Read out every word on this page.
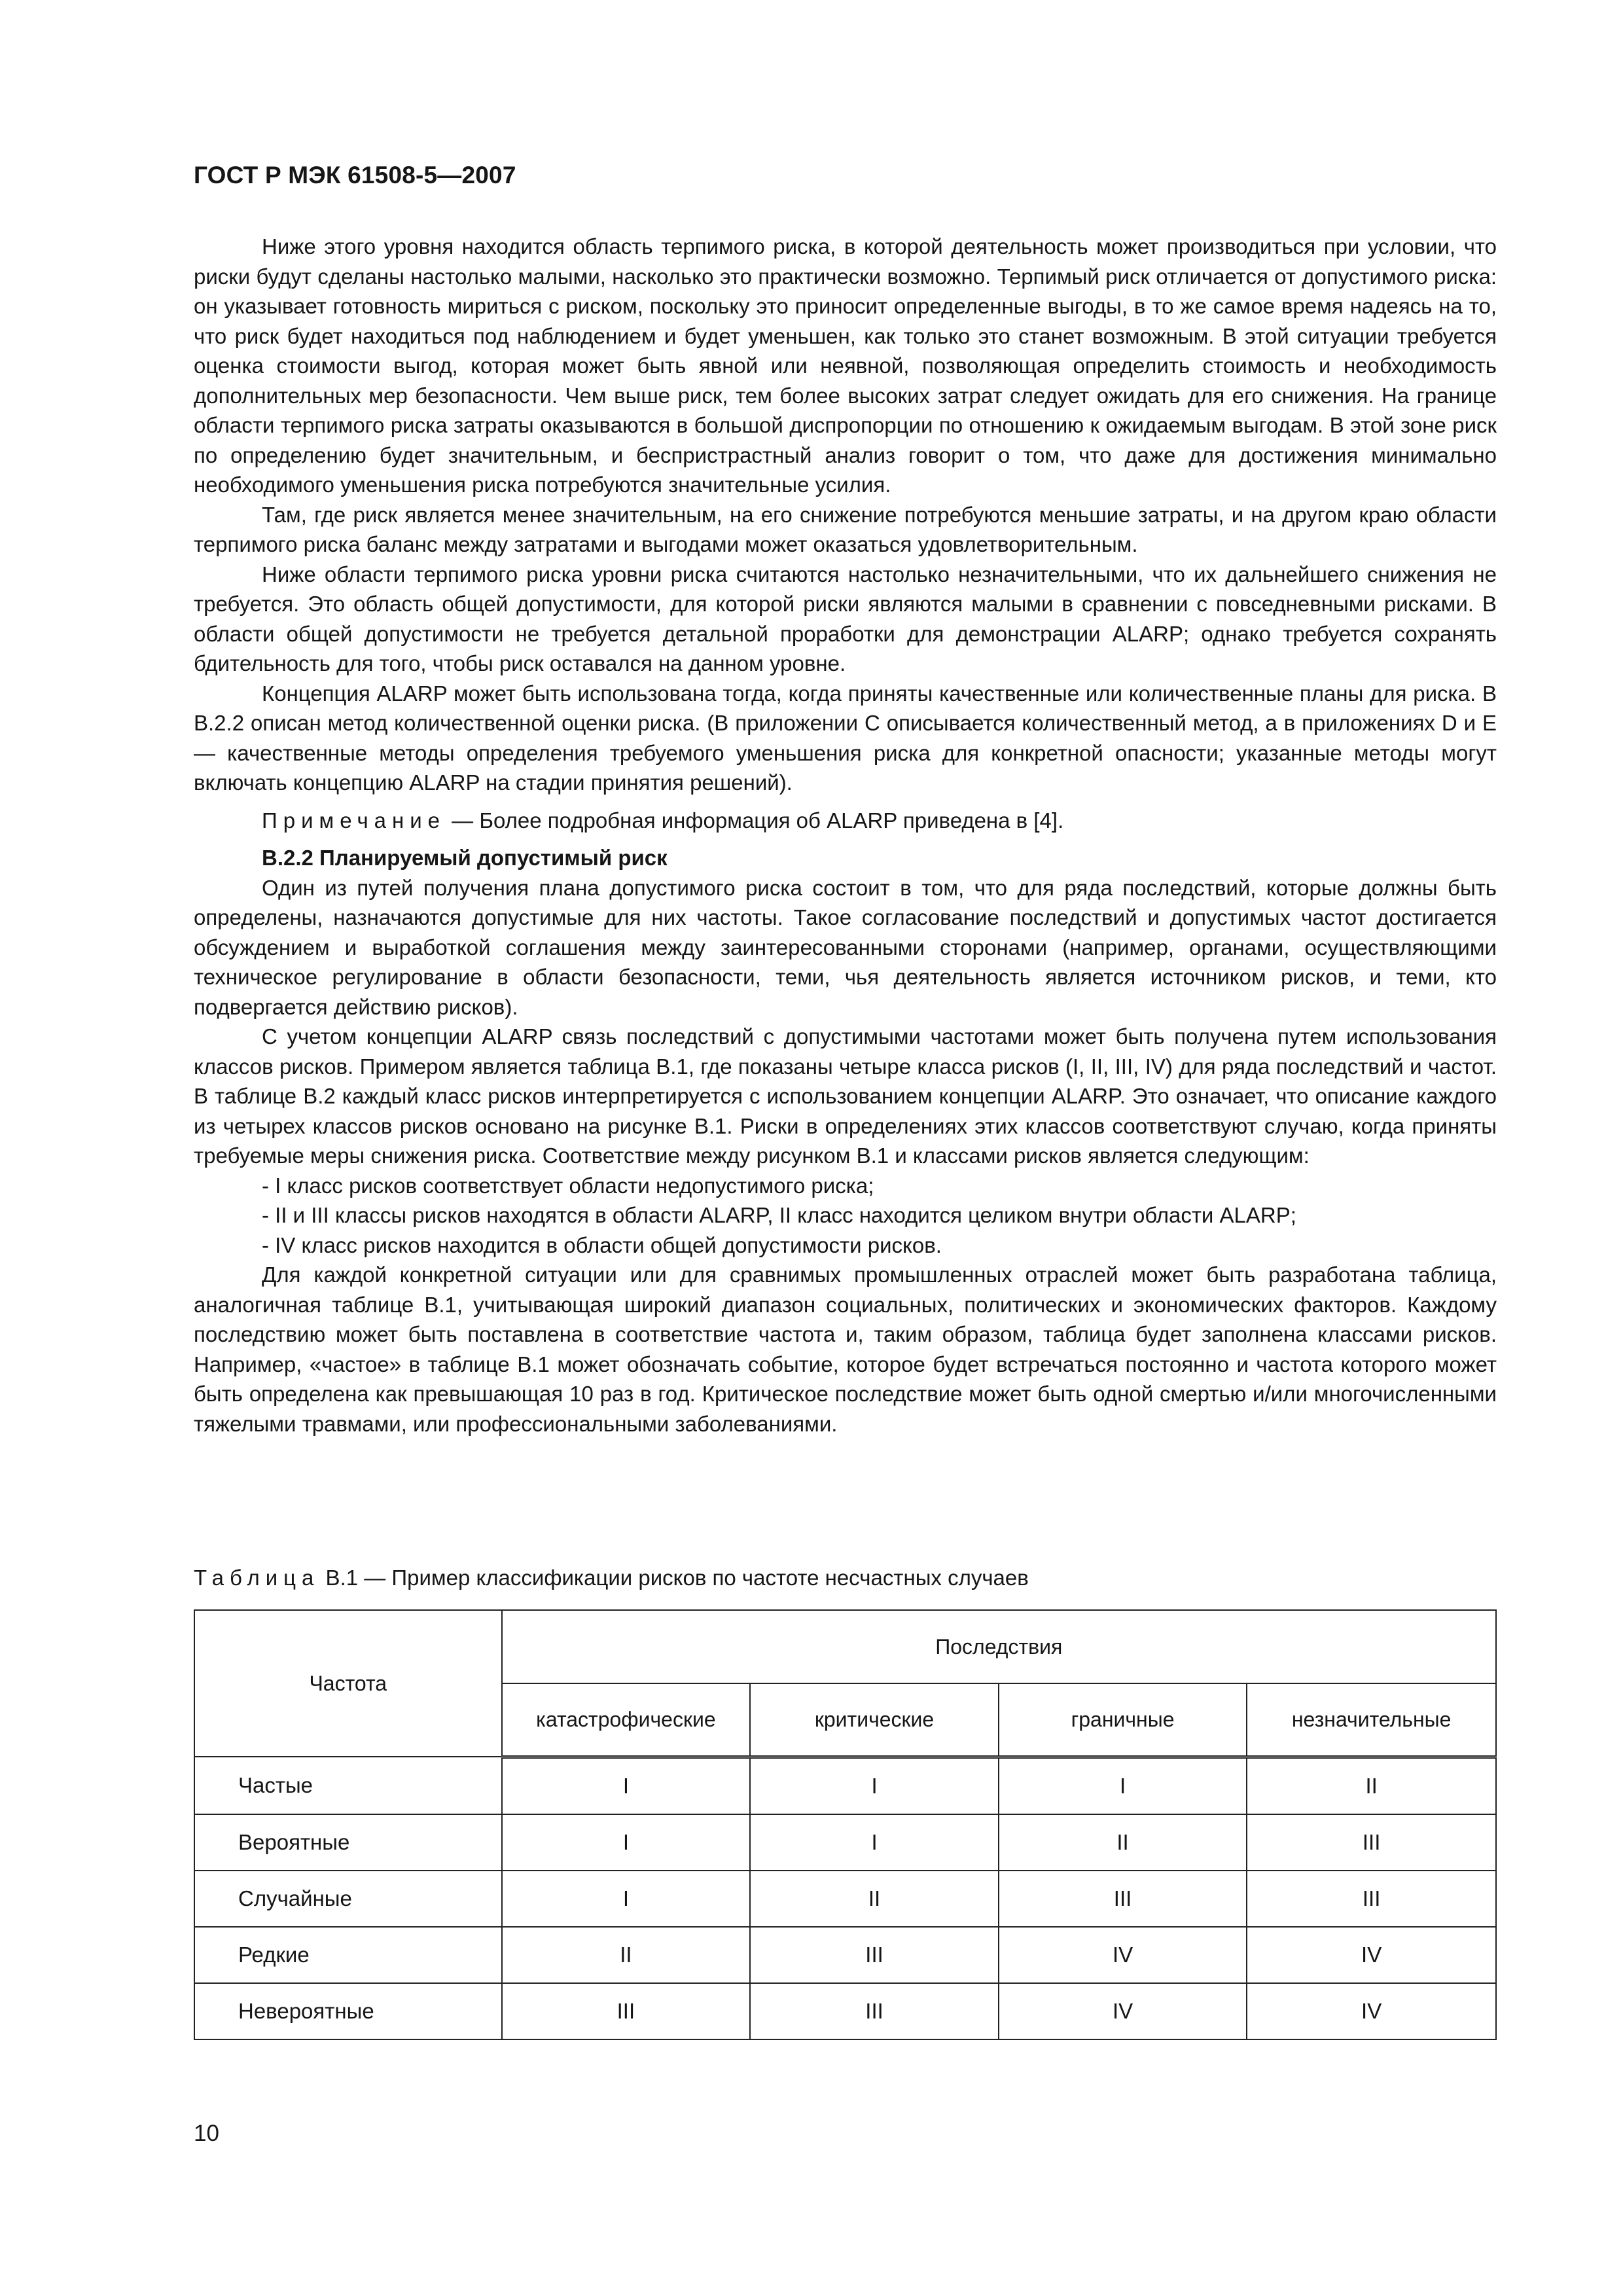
ГОСТ Р МЭК 61508-5—2007

Ниже этого уровня находится область терпимого риска, в которой деятельность может производиться при условии, что риски будут сделаны настолько малыми, насколько это практически возможно. Терпимый риск отличается от допустимого риска: он указывает готовность мириться с риском, поскольку это приносит определенные выгоды, в то же самое время надеясь на то, что риск будет находиться под наблюдением и будет уменьшен, как только это станет возможным. В этой ситуации требуется оценка стоимости выгод, которая может быть явной или неявной, позволяющая определить стоимость и необходимость дополнительных мер безопасности. Чем выше риск, тем более высоких затрат следует ожидать для его снижения. На границе области терпимого риска затраты оказываются в большой диспропорции по отношению к ожидаемым выгодам. В этой зоне риск по определению будет значительным, и беспристрастный анализ говорит о том, что даже для достижения минимально необходимого уменьшения риска потребуются значительные усилия.

Там, где риск является менее значительным, на его снижение потребуются меньшие затраты, и на другом краю области терпимого риска баланс между затратами и выгодами может оказаться удовлетворительным.

Ниже области терпимого риска уровни риска считаются настолько незначительными, что их дальнейшего снижения не требуется. Это область общей допустимости, для которой риски являются малыми в сравнении с повседневными рисками. В области общей допустимости не требуется детальной проработки для демонстрации ALARP; однако требуется сохранять бдительность для того, чтобы риск оставался на данном уровне.

Концепция ALARP может быть использована тогда, когда приняты качественные или количественные планы для риска. В В.2.2 описан метод количественной оценки риска. (В приложении С описывается количественный метод, а в приложениях D и E — качественные методы определения требуемого уменьшения риска для конкретной опасности; указанные методы могут включать концепцию ALARP на стадии принятия решений).

Примечание — Более подробная информация об ALARP приведена в [4].

В.2.2 Планируемый допустимый риск

Один из путей получения плана допустимого риска состоит в том, что для ряда последствий, которые должны быть определены, назначаются допустимые для них частоты. Такое согласование последствий и допустимых частот достигается обсуждением и выработкой соглашения между заинтересованными сторонами (например, органами, осуществляющими техническое регулирование в области безопасности, теми, чья деятельность является источником рисков, и теми, кто подвергается действию рисков).

С учетом концепции ALARP связь последствий с допустимыми частотами может быть получена путем использования классов рисков. Примером является таблица В.1, где показаны четыре класса рисков (I, II, III, IV) для ряда последствий и частот. В таблице В.2 каждый класс рисков интерпретируется с использованием концепции ALARP. Это означает, что описание каждого из четырех классов рисков основано на рисунке В.1. Риски в определениях этих классов соответствуют случаю, когда приняты требуемые меры снижения риска. Соответствие между рисунком В.1 и классами рисков является следующим:

- I класс рисков соответствует области недопустимого риска;

- II и III классы рисков находятся в области ALARP, II класс находится целиком внутри области ALARP;

- IV класс рисков находится в области общей допустимости рисков.

Для каждой конкретной ситуации или для сравнимых промышленных отраслей может быть разработана таблица, аналогичная таблице В.1, учитывающая широкий диапазон социальных, политических и экономических факторов. Каждому последствию может быть поставлена в соответствие частота и, таким образом, таблица будет заполнена классами рисков. Например, «частое» в таблице В.1 может обозначать событие, которое будет встречаться постоянно и частота которого может быть определена как превышающая 10 раз в год. Критическое последствие может быть одной смертью и/или многочисленными тяжелыми травмами, или профессиональными заболеваниями.

Таблица В.1 — Пример классификации рисков по частоте несчастных случаев
Частота	Последствия			
	катастрофические	критические	граничные	незначительные
Частые	I	I	I	II
Вероятные	I	I	II	III
Случайные	I	II	III	III
Редкие	II	III	IV	IV
Невероятные	III	III	IV	IV
10
